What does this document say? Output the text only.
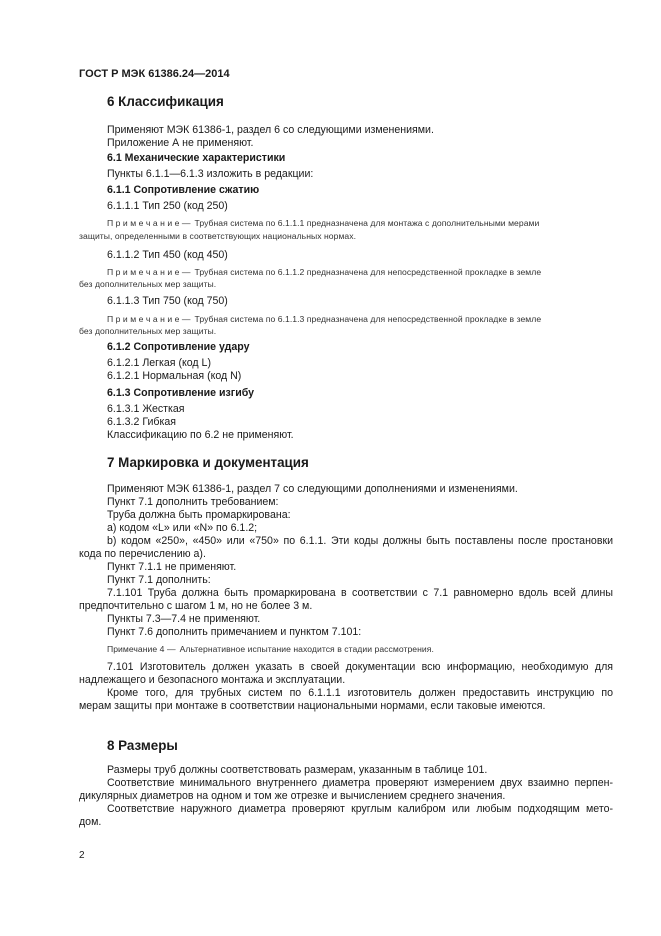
ГОСТ Р МЭК 61386.24—2014
6 Классификация
Применяют МЭК 61386-1, раздел 6 со следующими изменениями.
Приложение А не применяют.
6.1 Механические характеристики
Пункты 6.1.1—6.1.3 изложить в редакции:
6.1.1 Сопротивление сжатию
6.1.1.1 Тип 250 (код 250)
П р и м е ч а н и е — Трубная система по 6.1.1.1 предназначена для монтажа с дополнительными мерами
защиты, определенными в соответствующих национальных нормах.
6.1.1.2 Тип 450 (код 450)
П р и м е ч а н и е — Трубная система по 6.1.1.2 предназначена для непосредственной прокладке в земле
без дополнительных мер защиты.
6.1.1.3 Тип 750 (код 750)
П р и м е ч а н и е — Трубная система по 6.1.1.3 предназначена для непосредственной прокладке в земле
без дополнительных мер защиты.
6.1.2 Сопротивление удару
6.1.2.1 Легкая (код L)
6.1.2.1 Нормальная (код N)
6.1.3 Сопротивление изгибу
6.1.3.1 Жесткая
6.1.3.2 Гибкая
Классификацию по 6.2 не применяют.
7 Маркировка и документация
Применяют МЭК 61386-1, раздел 7 со следующими дополнениями и изменениями.
Пункт 7.1 дополнить требованием:
Труба должна быть промаркирована:
а) кодом «L» или «N» по 6.1.2;
b) кодом «250», «450» или «750» по 6.1.1. Эти коды должны быть поставлены после простановки
кода по перечислению а).
Пункт 7.1.1 не применяют.
Пункт 7.1 дополнить:
7.1.101 Труба должна быть промаркирована в соответствии с 7.1 равномерно вдоль всей длины
предпочтительно с шагом 1 м, но не более 3 м.
Пункты 7.3—7.4 не применяют.
Пункт 7.6 дополнить примечанием и пунктом 7.101:
Примечание 4 — Альтернативное испытание находится в стадии рассмотрения.
7.101 Изготовитель должен указать в своей документации всю информацию, необходимую для
надлежащего и безопасного монтажа и эксплуатации.
Кроме того, для трубных систем по 6.1.1.1 изготовитель должен предоставить инструкцию по
мерам защиты при монтаже в соответствии национальными нормами, если таковые имеются.
8 Размеры
Размеры труб должны соответствовать размерам, указанным в таблице 101.
Соответствие минимального внутреннего диаметра проверяют измерением двух взаимно перпен-
дикулярных диаметров на одном и том же отрезке и вычислением среднего значения.
Соответствие наружного диаметра проверяют круглым калибром или любым подходящим мето-
дом.
2
